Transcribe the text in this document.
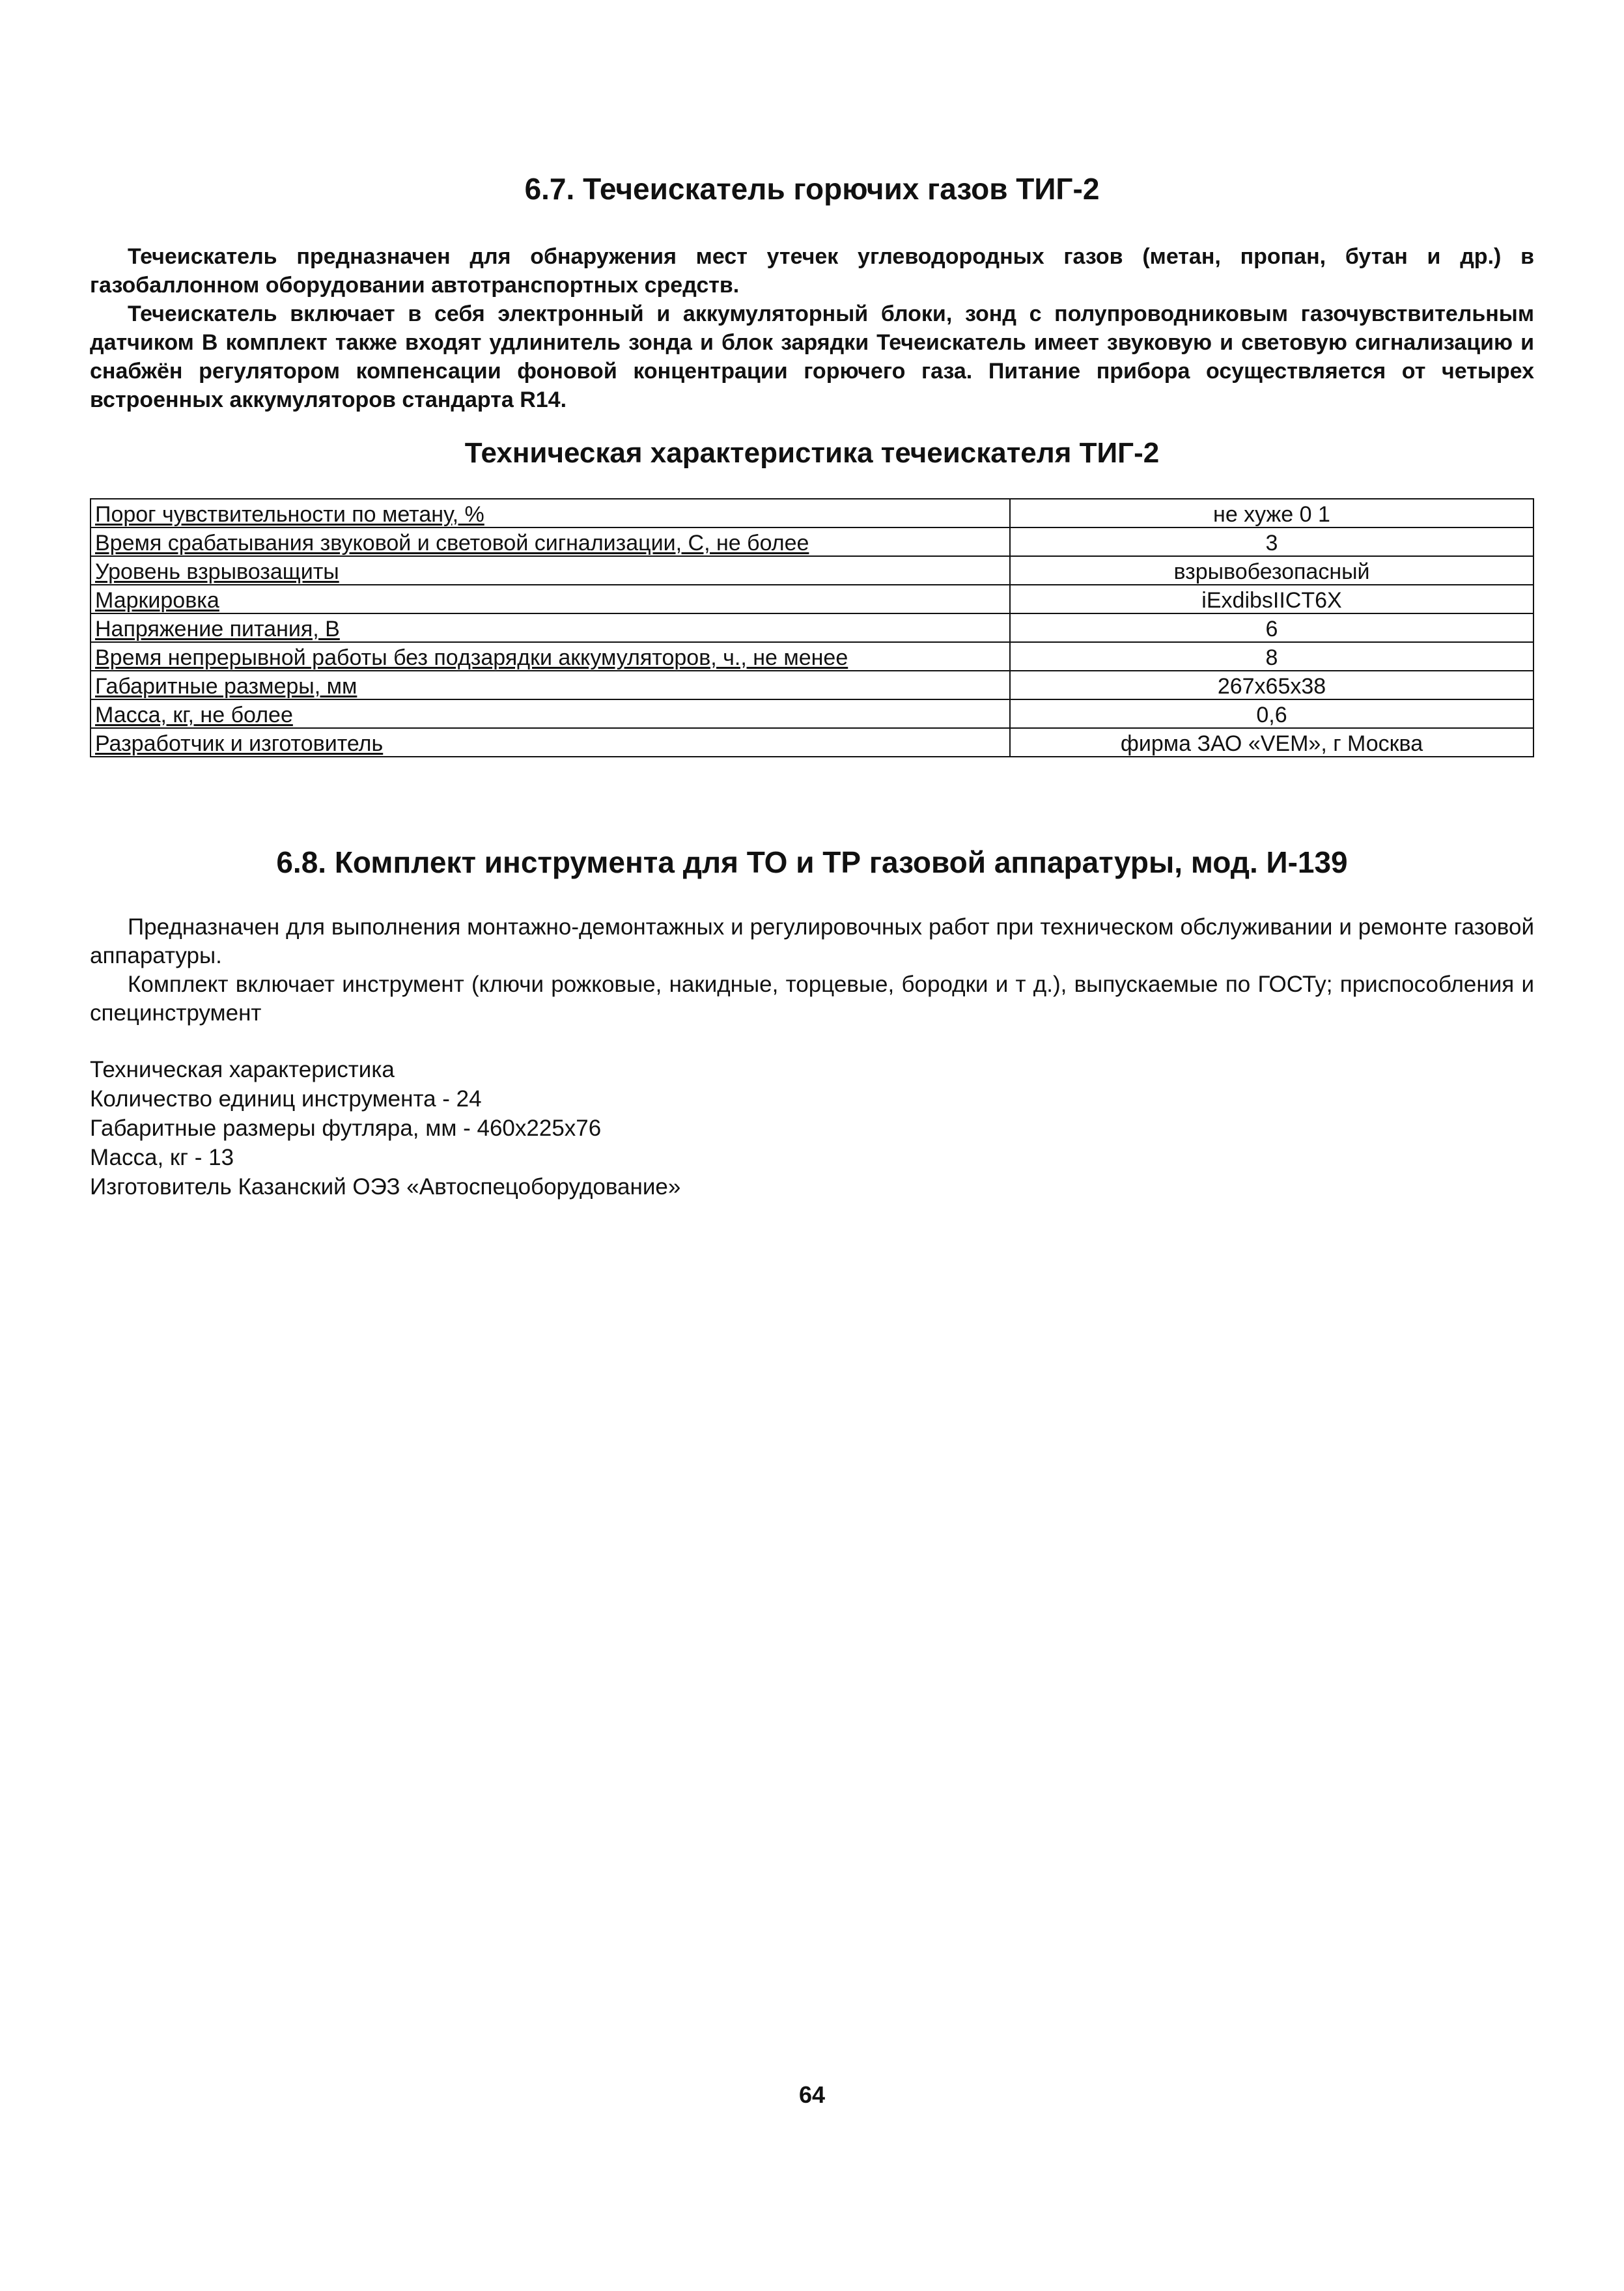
6.7. Течеискатель горючих газов ТИГ-2

Течеискатель предназначен для обнаружения мест утечек углеводородных газов (метан, пропан, бутан и др.) в газобаллонном оборудовании автотранспортных средств.

Течеискатель включает в себя электронный и аккумуляторный блоки, зонд с полупроводниковым газочувствительным датчиком В комплект также входят удлинитель зонда и блок зарядки Течеискатель имеет звуковую и световую сигнализацию и снабжён регулятором компенсации фоновой концентрации горючего газа. Питание прибора осуществляется от четырех встроенных аккумуляторов стандарта R14.

Техническая характеристика течеискателя ТИГ-2
Порог чувствительности по метану, %	не хуже 0 1
Время срабатывания звуковой и световой сигнализации, С, не более	3
Уровень взрывозащиты	взрывобезопасный
Маркировка	iExdibsIICT6X
Напряжение питания, В	6
Время непрерывной работы без подзарядки аккумуляторов, ч., не менее	8
Габаритные размеры, мм	267x65x38
Масса, кг, не более	0,6
Разработчик и изготовитель	фирма ЗАО «VEM», г Москва
6.8. Комплект инструмента для ТО и ТР газовой аппаратуры, мод. И-139

Предназначен для выполнения монтажно-демонтажных и регулировочных работ при техническом обслуживании и ремонте газовой аппаратуры.

Комплект включает инструмент (ключи рожковые, накидные, торцевые, бородки и т д.), выпускаемые по ГОСТу; приспособления и специнструмент

Техническая характеристика
Количество единиц инструмента - 24
Габаритные размеры футляра, мм - 460x225x76
Масса, кг - 13
Изготовитель Казанский ОЭЗ «Автоспецоборудование»
64
